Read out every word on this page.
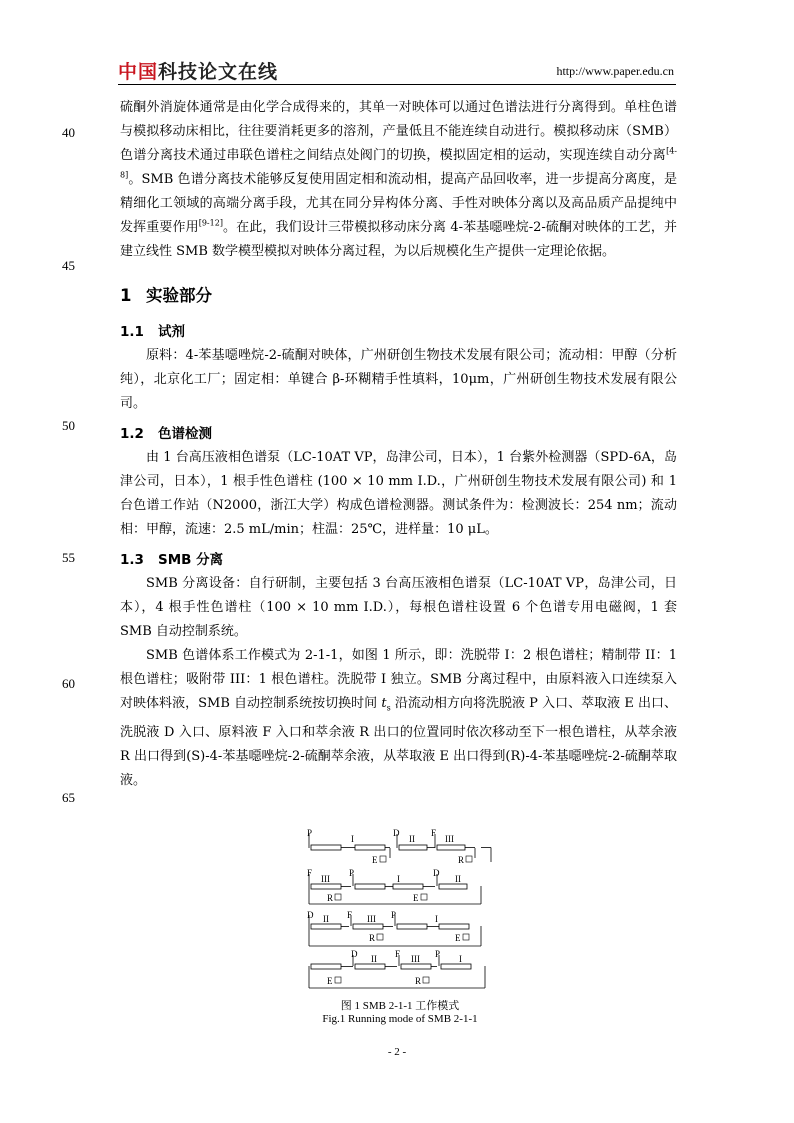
中国 科技论文在线	http://www.paper.edu.cn
40
45
50
55
60
65

硫酮外消旋体通常是由化学合成得来的，其单一对映体可以通过色谱法进行分离得到。单柱色谱与模拟移动床相比，往往要消耗更多的溶剂，产量低且不能连续自动进行。模拟移动床（SMB）色谱分离技术通过串联色谱柱之间结点处阀门的切换，模拟固定相的运动，实现连续自动分离[4-8]。SMB 色谱分离技术能够反复使用固定相和流动相，提高产品回收率，进一步提高分离度，是精细化工领域的高端分离手段，尤其在同分异构体分离、手性对映体分离以及高品质产品提纯中发挥重要作用[9-12]。在此，我们设计三带模拟移动床分离 4-苯基噁唑烷-2-硫酮对映体的工艺，并建立线性 SMB 数学模型模拟对映体分离过程，为以后规模化生产提供一定理论依据。

1 实验部分
1.1 试剂

原料：4-苯基噁唑烷-2-硫酮对映体，广州研创生物技术发展有限公司；流动相：甲醇（分析纯），北京化工厂；固定相：单键合 β-环糊精手性填料，10μm，广州研创生物技术发展有限公司。

1.2 色谱检测

由 1 台高压液相色谱泵（LC-10AT VP，岛津公司，日本），1 台紫外检测器（SPD-6A，岛津公司，日本），1 根手性色谱柱 (100 × 10 mm I.D.，广州研创生物技术发展有限公司) 和 1 台色谱工作站（N2000，浙江大学）构成色谱检测器。测试条件为：检测波长：254 nm；流动相：甲醇，流速：2.5 mL/min；柱温：25℃，进样量：10 μL。

1.3 SMB 分离

SMB 分离设备：自行研制，主要包括 3 台高压液相色谱泵（LC-10AT VP，岛津公司，日本），4 根手性色谱柱（100 × 10 mm I.D.），每根色谱柱设置 6 个色谱专用电磁阀，1 套 SMB 自动控制系统。

SMB 色谱体系工作模式为 2-1-1，如图 1 所示，即：洗脱带 I：2 根色谱柱；精制带 II：1 根色谱柱；吸附带 III：1 根色谱柱。洗脱带 I 独立。SMB 分离过程中，由原料液入口连续泵入对映体料液，SMB 自动控制系统按切换时间 $t_s$ 沿流动相方向将洗脱液 P 入口、萃取液 E 出口、洗脱液 D 入口、原料液 F 入口和萃余液 R 出口的位置同时依次移动至下一根色谱柱，从萃余液 R 出口得到(S)-4-苯基噁唑烷-2-硫酮萃余液，从萃取液 E 出口得到(R)-4-苯基噁唑烷-2-硫酮萃取液。

P
I
D
II
F
III
E	R
F
III
P
I
D
II
R	E
D II F III P	I
R	E
D II F III P I
E	R
图 1 SMB 2-1-1 工作模式
Fig.1 Running mode of SMB 2-1-1
- 2 -
